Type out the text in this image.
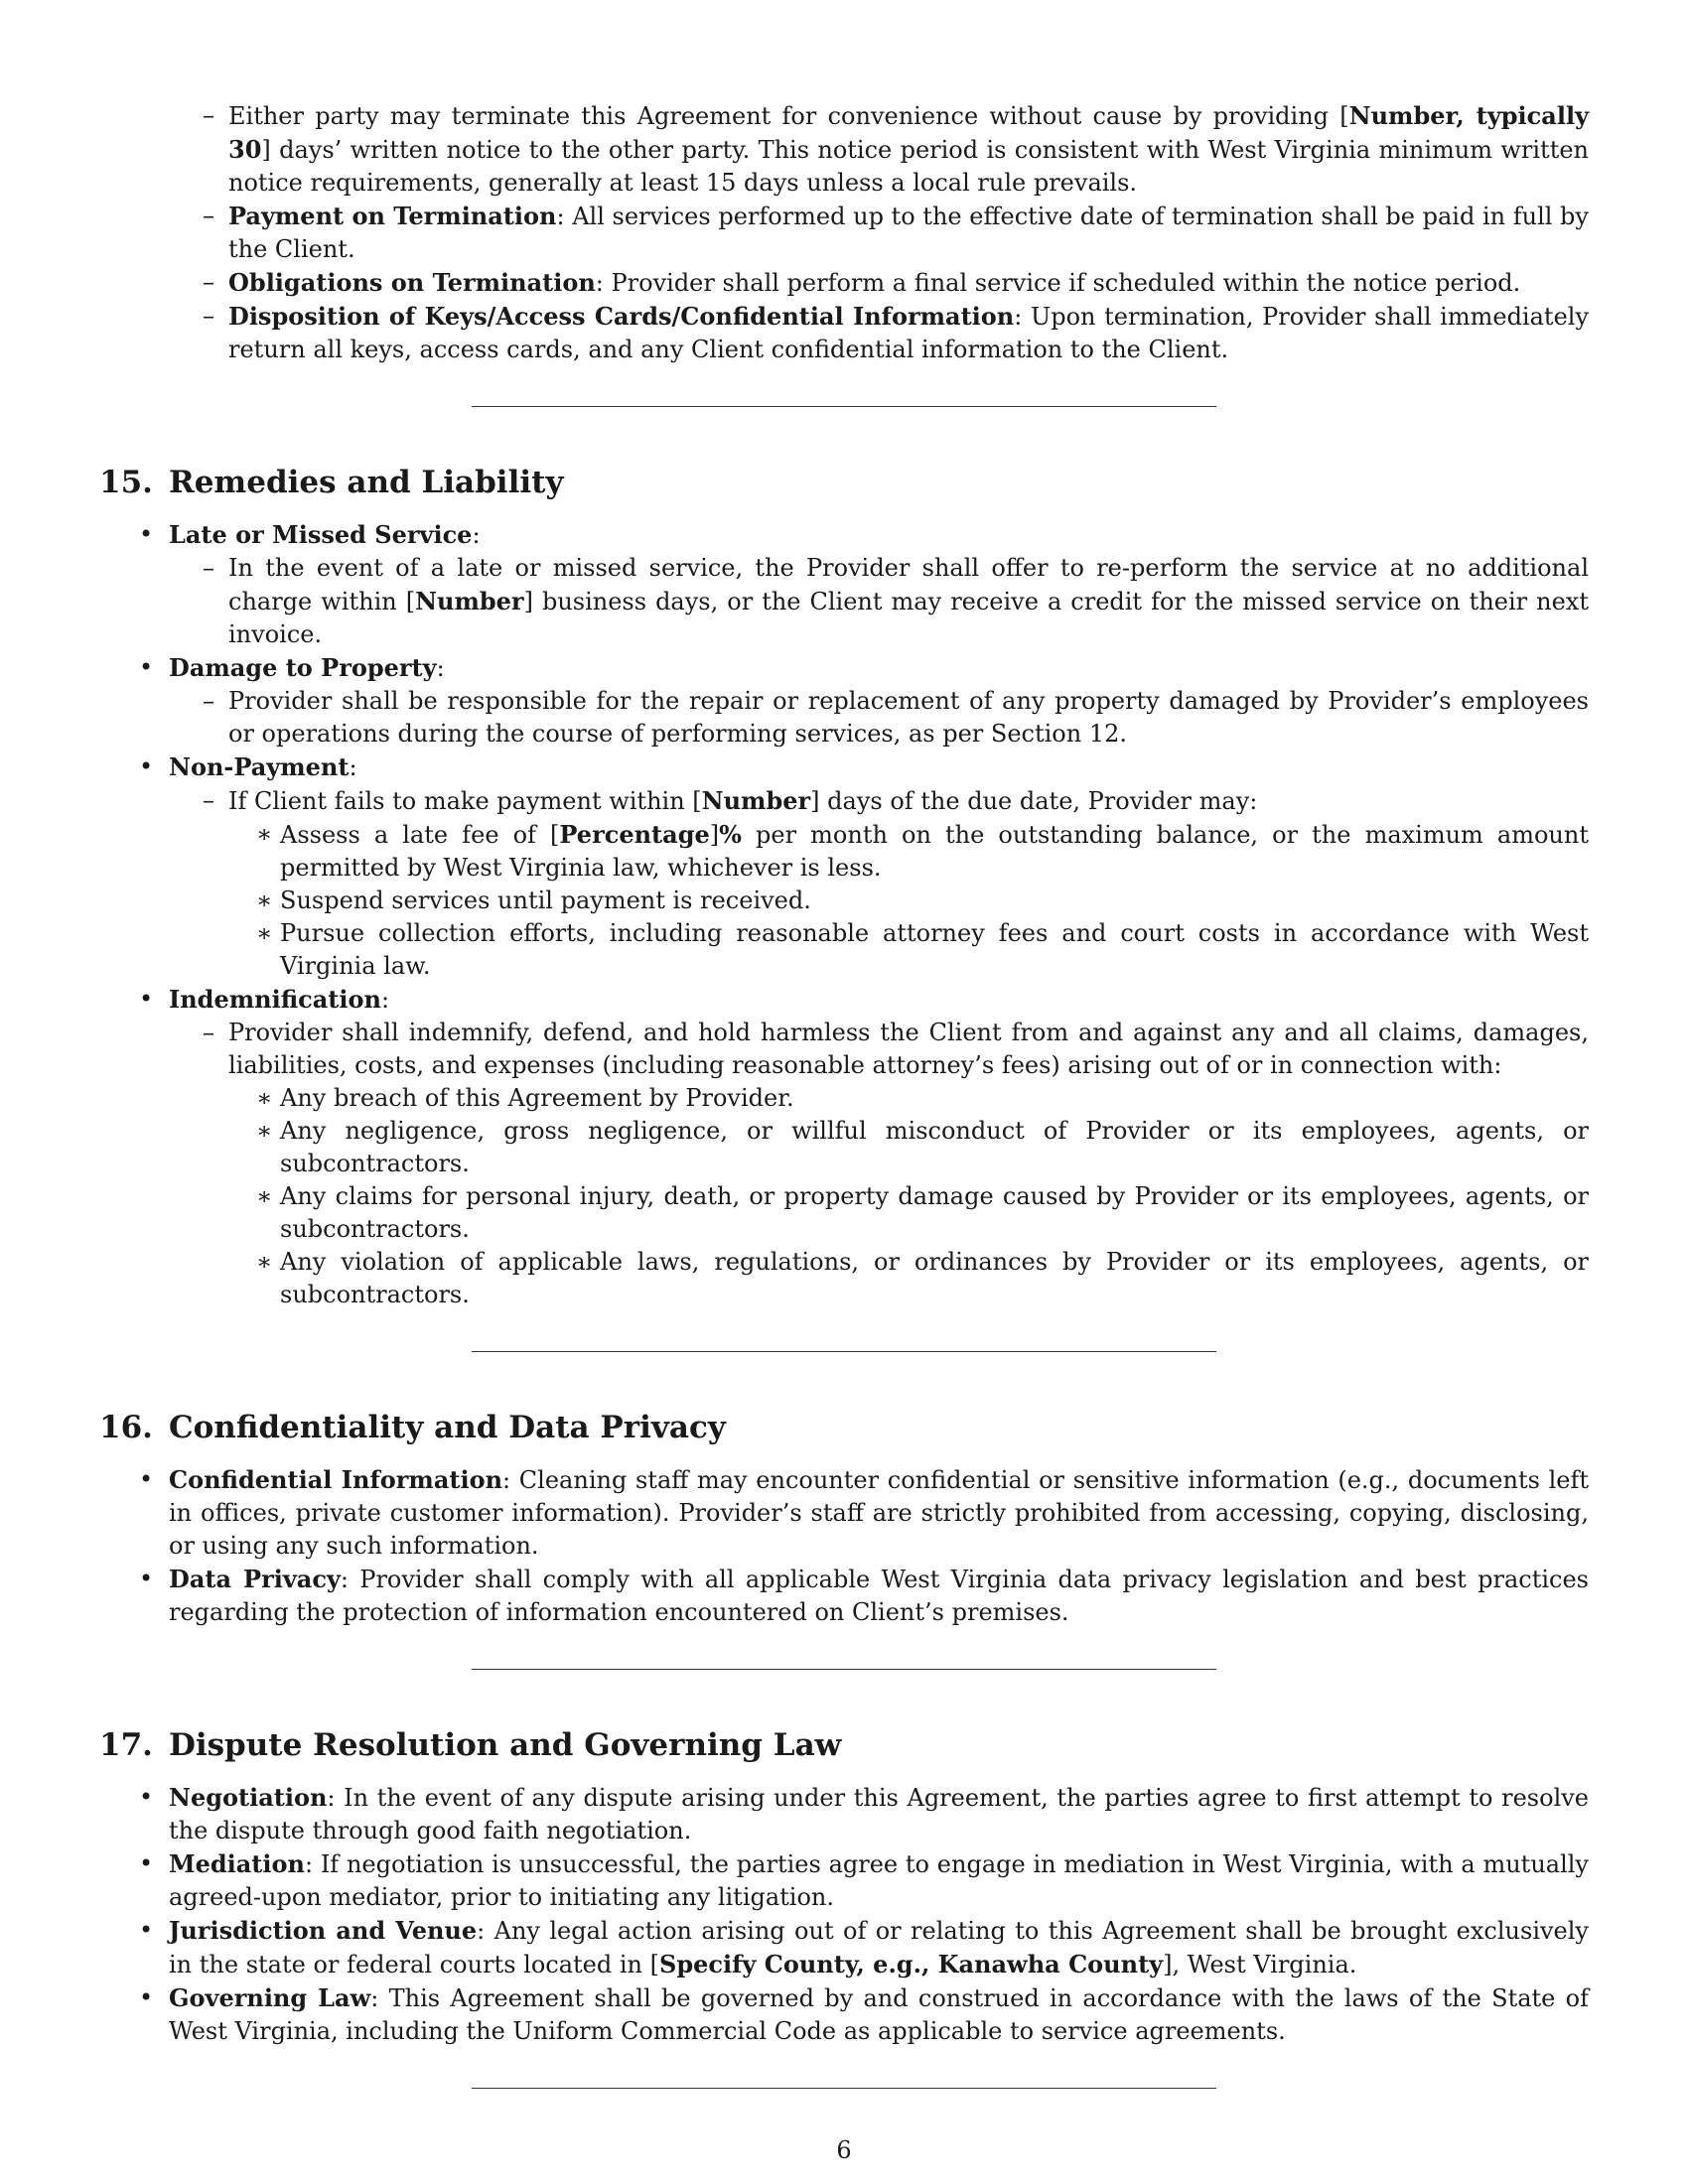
– Either party may terminate this Agreement for convenience without cause by providing [Number, typically 30] days’ written notice to the other party. This notice period is consistent with West Virginia minimum written notice requirements, generally at least 15 days unless a local rule prevails.
– Payment on Termination: All services performed up to the effective date of termination shall be paid in full by the Client.
– Obligations on Termination: Provider shall perform a final service if scheduled within the notice period.
– Disposition of Keys/Access Cards/Confidential Information: Upon termination, Provider shall immediately return all keys, access cards, and any Client confidential information to the Client.
15. Remedies and Liability
• Late or Missed Service:
– In the event of a late or missed service, the Provider shall offer to re-perform the service at no additional charge within [Number] business days, or the Client may receive a credit for the missed service on their next invoice.
• Damage to Property:
– Provider shall be responsible for the repair or replacement of any property damaged by Provider’s employees or operations during the course of performing services, as per Section 12.
• Non-Payment:
– If Client fails to make payment within [Number] days of the due date, Provider may:
∗ Assess a late fee of [Percentage]% per month on the outstanding balance, or the maximum amount permitted by West Virginia law, whichever is less.
∗ Suspend services until payment is received.
∗ Pursue collection efforts, including reasonable attorney fees and court costs in accordance with West Virginia law.
• Indemnification:
– Provider shall indemnify, defend, and hold harmless the Client from and against any and all claims, damages, liabilities, costs, and expenses (including reasonable attorney’s fees) arising out of or in connection with:
∗ Any breach of this Agreement by Provider.
∗ Any negligence, gross negligence, or willful misconduct of Provider or its employees, agents, or subcontractors.
∗ Any claims for personal injury, death, or property damage caused by Provider or its employees, agents, or subcontractors.
∗ Any violation of applicable laws, regulations, or ordinances by Provider or its employees, agents, or subcontractors.
16. Confidentiality and Data Privacy
• Confidential Information: Cleaning staff may encounter confidential or sensitive information (e.g., documents left in offices, private customer information). Provider’s staff are strictly prohibited from accessing, copying, disclosing, or using any such information.
• Data Privacy: Provider shall comply with all applicable West Virginia data privacy legislation and best practices regarding the protection of information encountered on Client’s premises.
17. Dispute Resolution and Governing Law
• Negotiation: In the event of any dispute arising under this Agreement, the parties agree to first attempt to resolve the dispute through good faith negotiation.
• Mediation: If negotiation is unsuccessful, the parties agree to engage in mediation in West Virginia, with a mutually agreed-upon mediator, prior to initiating any litigation.
• Jurisdiction and Venue: Any legal action arising out of or relating to this Agreement shall be brought exclusively in the state or federal courts located in [Specify County, e.g., Kanawha County], West Virginia.
• Governing Law: This Agreement shall be governed by and construed in accordance with the laws of the State of West Virginia, including the Uniform Commercial Code as applicable to service agreements.
6
